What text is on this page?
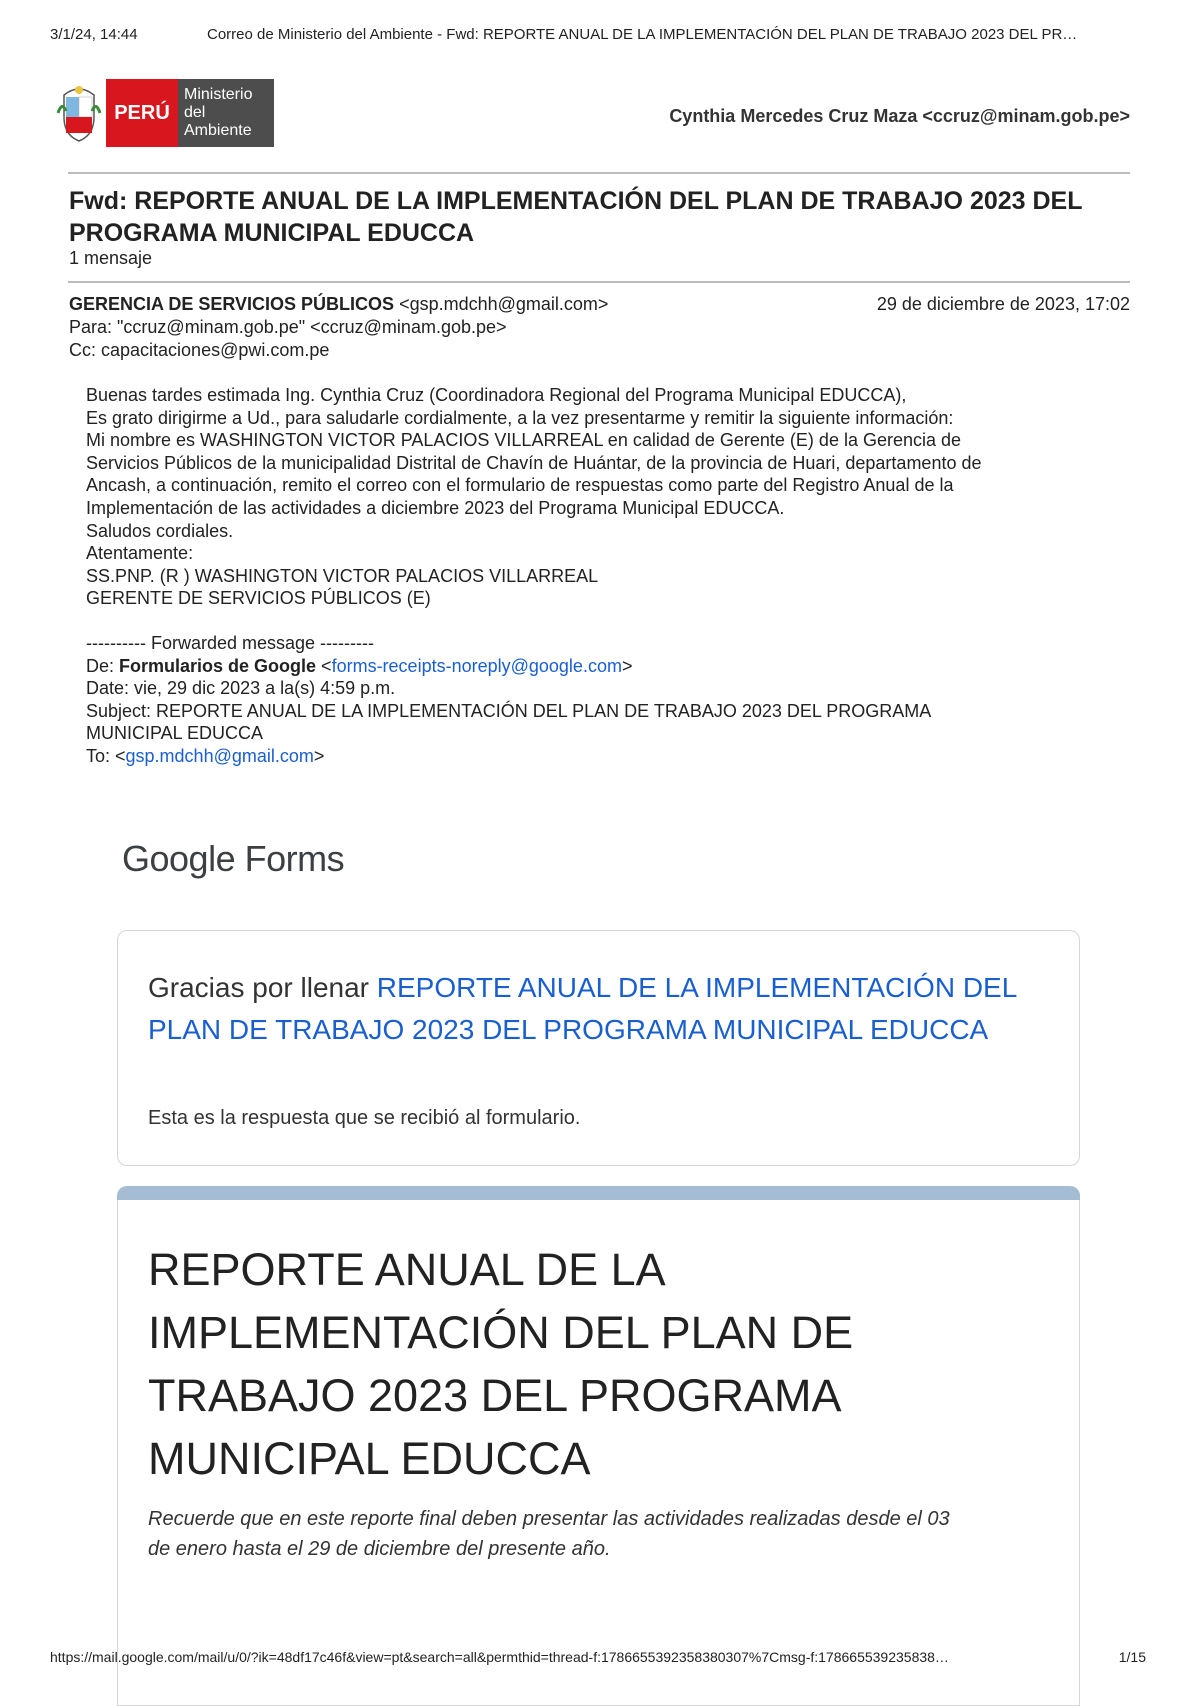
3/1/24, 14:44	Correo de Ministerio del Ambiente - Fwd: REPORTE ANUAL DE LA IMPLEMENTACIÓN DEL PLAN DE TRABAJO 2023 DEL PR…
PERÚ
Ministerio
del Ambiente
Cynthia Mercedes Cruz Maza <ccruz@minam.gob.pe>
Fwd: REPORTE ANUAL DE LA IMPLEMENTACIÓN DEL PLAN DE TRABAJO 2023 DEL PROGRAMA MUNICIPAL EDUCCA
1 mensaje
GERENCIA DE SERVICIOS PÚBLICOS <gsp.mdchh@gmail.com>	29 de diciembre de 2023, 17:02
Para: "ccruz@minam.gob.pe" <ccruz@minam.gob.pe>
Cc: capacitaciones@pwi.com.pe

Buenas tardes estimada Ing. Cynthia Cruz (Coordinadora Regional del Programa Municipal EDUCCA),

Es grato dirigirme a Ud., para saludarle cordialmente, a la vez presentarme y remitir la siguiente información:

Mi nombre es WASHINGTON VICTOR PALACIOS VILLARREAL en calidad de Gerente (E) de la Gerencia de

Servicios Públicos de la municipalidad Distrital de Chavín de Huántar, de la provincia de Huari, departamento de

Ancash, a continuación, remito el correo con el formulario de respuestas como parte del Registro Anual de la

Implementación de las actividades a diciembre 2023 del Programa Municipal EDUCCA.

Saludos cordiales.

Atentamente:

SS.PNP. (R ) WASHINGTON VICTOR PALACIOS VILLARREAL

GERENTE DE SERVICIOS PÚBLICOS (E)

---------- Forwarded message ---------

De: Formularios de Google <forms-receipts-noreply@google.com>

Date: vie, 29 dic 2023 a la(s) 4:59 p.m.

Subject: REPORTE ANUAL DE LA IMPLEMENTACIÓN DEL PLAN DE TRABAJO 2023 DEL PROGRAMA

MUNICIPAL EDUCCA

To: <gsp.mdchh@gmail.com>

Google Forms
Gracias por llenar REPORTE ANUAL DE LA IMPLEMENTACIÓN DEL PLAN DE TRABAJO 2023 DEL PROGRAMA MUNICIPAL EDUCCA
Esta es la respuesta que se recibió al formulario.
REPORTE ANUAL DE LA IMPLEMENTACIÓN DEL PLAN DE TRABAJO 2023 DEL PROGRAMA MUNICIPAL EDUCCA
Recuerde que en este reporte final deben presentar las actividades realizadas desde el 03 de enero hasta el 29 de diciembre del presente año.
https://mail.google.com/mail/u/0/?ik=48df17c46f&view=pt&search=all&permthid=thread-f:1786655392358380307%7Cmsg-f:178665539235838…	1/15
